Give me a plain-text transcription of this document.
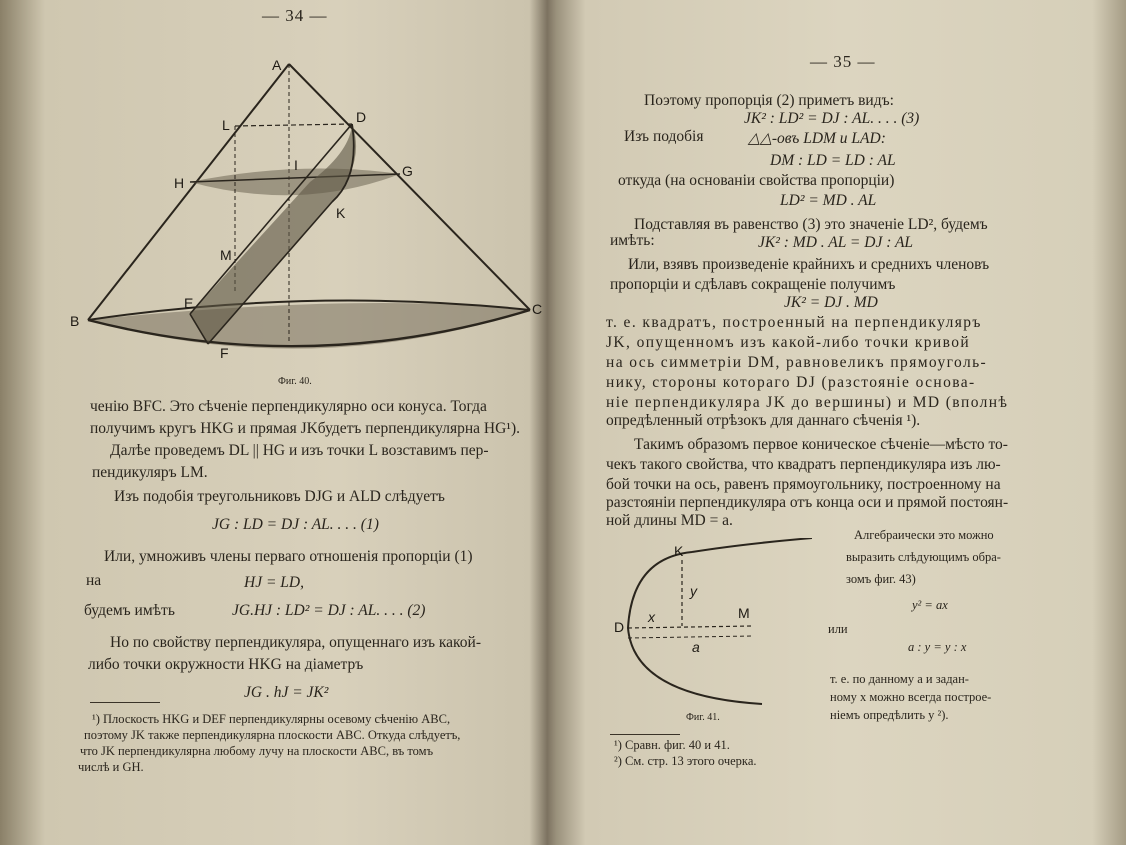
— 34 —
A
D
L
G
H
I
K
M
E
B
C
F
Фиг. 40.
ченію BFC. Это сѣченіе перпендикулярно оси конуса. Тогда
получимъ кругъ HKG и прямая JKбудетъ перпендикулярна HG¹).
Далѣе проведемъ DL || HG и изъ точки L возставимъ пер-
пендикуляръ LM.
Изъ подобія треугольниковъ DJG и ALD слѣдуетъ
JG : LD = DJ : AL. . . . (1)
Или, умноживъ члены перваго отношенія пропорціи (1)
на	HJ = LD,
будемъ имѣть	JG.HJ : LD² = DJ : AL. . . . (2)
Но по свойству перпендикуляра, опущеннаго изъ какой-
либо точки окружности HKG на діаметръ
JG . hJ = JK²
¹) Плоскость HKG и DEF перпендикулярны осевому сѣченію ABC,
поэтому JK также перпендикулярна плоскости ABC. Откуда слѣдуетъ,
что JK перпендикулярна любому лучу на плоскости ABC, въ томъ
числѣ и GH.
— 35 —
Поэтому пропорція (2) приметъ видъ:
JK² : LD² = DJ : AL. . . . (3)
Изъ подобія	△△-овъ LDM и LAD:
DM : LD = LD : AL
откуда (на основаніи свойства пропорціи)
LD² = MD . AL
Подставляя въ равенство (3) это значеніе LD², будемъ
имѣть:	JK² : MD . AL = DJ : AL
Или, взявъ произведеніе крайнихъ и среднихъ членовъ
пропорціи и сдѣлавъ сокращеніе получимъ
JK² = DJ . MD
т. е. квадратъ, построенный на перпендикуляръ
JK, опущенномъ изъ какой-либо точки кривой
на ось симметріи DM, равновеликъ прямоуголь-
нику, стороны котораго DJ (разстояніе основа-
ніе перпендикуляра JK до вершины) и MD (вполнѣ
опредѣленный отрѣзокъ для даннаго сѣченія ¹).
Такимъ образомъ первое коническое сѣченіе—мѣсто то-
чекъ такого свойства, что квадратъ перпендикуляра изъ лю-
бой точки на ось, равенъ прямоугольнику, построенному на
разстояніи перпендикуляра отъ конца оси и прямой постоян-
ной длины MD = a.
K
y
D
x	M
a
Фиг. 41.
Алгебраически это можно
выразить слѣдующимъ обра-
зомъ фиг. 43)
y² = ax
или
a : y = y : x
т. е. по данному a и задан-
ному x можно всегда построе-
ніемъ опредѣлить y ²).
¹) Сравн. фиг. 40 и 41.
²) См. стр. 13 этого очерка.
